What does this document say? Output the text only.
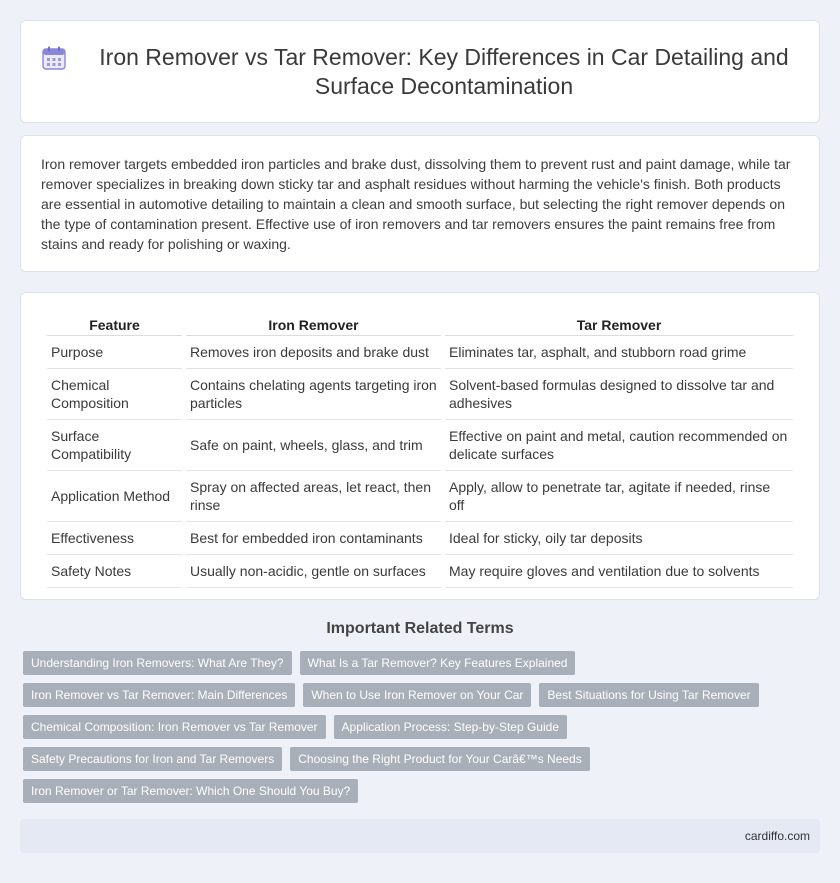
Iron Remover vs Tar Remover: Key Differences in Car Detailing and Surface Decontamination

Iron remover targets embedded iron particles and brake dust, dissolving them to prevent rust and paint damage, while tar remover specializes in breaking down sticky tar and asphalt residues without harming the vehicle's finish. Both products are essential in automotive detailing to maintain a clean and smooth surface, but selecting the right remover depends on the type of contamination present. Effective use of iron removers and tar removers ensures the paint remains free from stains and ready for polishing or waxing.

Feature	Iron Remover	Tar Remover
Purpose	Removes iron deposits and brake dust	Eliminates tar, asphalt, and stubborn road grime
Chemical Composition	Contains chelating agents targeting iron particles	Solvent-based formulas designed to dissolve tar and adhesives
Surface Compatibility	Safe on paint, wheels, glass, and trim	Effective on paint and metal, caution recommended on delicate surfaces
Application Method	Spray on affected areas, let react, then rinse	Apply, allow to penetrate tar, agitate if needed, rinse off
Effectiveness	Best for embedded iron contaminants	Ideal for sticky, oily tar deposits
Safety Notes	Usually non-acidic, gentle on surfaces	May require gloves and ventilation due to solvents
Important Related Terms
Understanding Iron Removers: What Are They?	What Is a Tar Remover? Key Features Explained
Iron Remover vs Tar Remover: Main Differences	When to Use Iron Remover on Your Car	Best Situations for Using Tar Remover
Chemical Composition: Iron Remover vs Tar Remover	Application Process: Step-by-Step Guide
Safety Precautions for Iron and Tar Removers	Choosing the Right Product for Your Carâ€™s Needs
Iron Remover or Tar Remover: Which One Should You Buy?
cardiffo.com
